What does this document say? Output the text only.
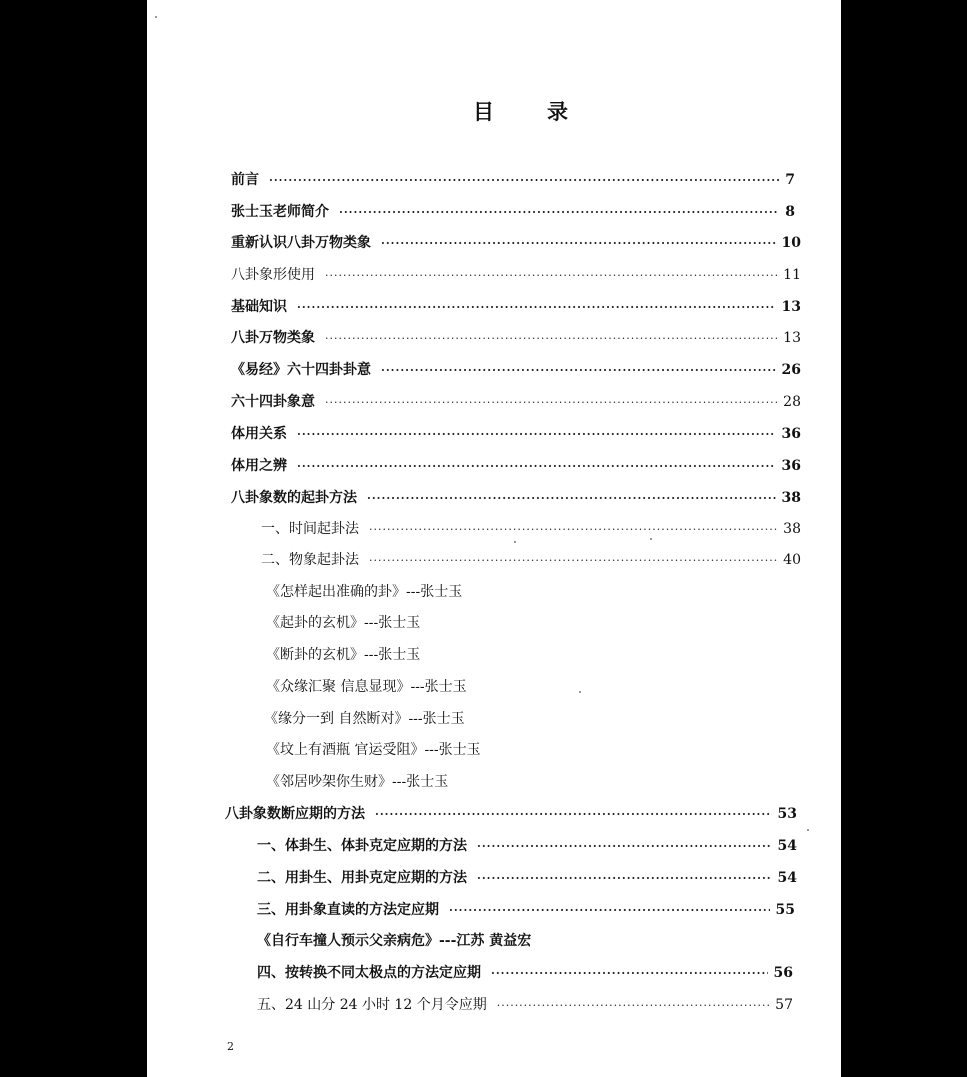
目	录
前言 ·····	7
张士玉老师简介 ·····	8
重新认识八卦万物类象 ·····	10
八卦象形使用 ·····	11
基础知识 ·····	13
八卦万物类象 ·····	13
《易经》六十四卦卦意 ·····	26
六十四卦象意 ·····	28
体用关系 ·····	36
体用之辨 ·····	36
八卦象数的起卦方法 ·····	38
一、时间起卦法 ·····	38
二、物象起卦法 ·····	40
《怎样起出准确的卦》---张士玉
《起卦的玄机》---张士玉
《断卦的玄机》---张士玉
《众缘汇聚 信息显现》---张士玉
《缘分一到 自然断对》---张士玉
《坟上有酒瓶 官运受阻》---张士玉
《邻居吵架你生财》---张士玉
八卦象数断应期的方法 ·····	53
一、体卦生、体卦克定应期的方法 ·····	54
二、用卦生、用卦克定应期的方法 ·····	54
三、用卦象直读的方法定应期 ·····	55
《自行车撞人预示父亲病危》---江苏 黄益宏
四、按转换不同太极点的方法定应期 ·····	56
五、24 山分 24 小时 12 个月令应期 ·····	57
2
